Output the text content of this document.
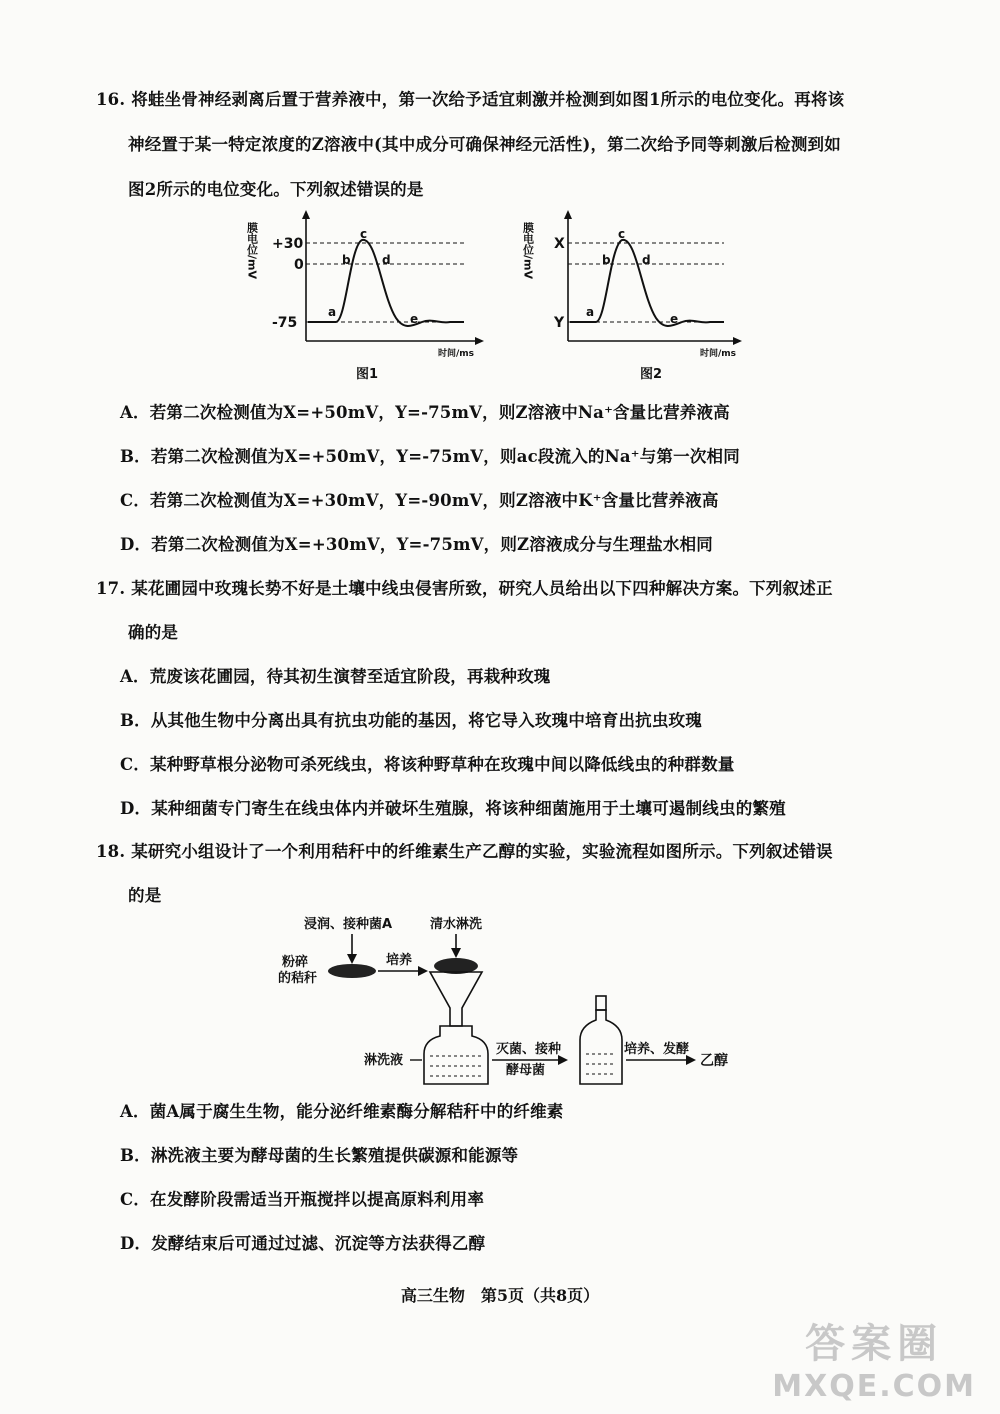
16. 将蛙坐骨神经剥离后置于营养液中，第一次给予适宜刺激并检测到如图1所示的电位变化。再将该
神经置于某一特定浓度的Z溶液中(其中成分可确保神经元活性)，第二次给予同等刺激后检测到如
图2所示的电位变化。下列叙述错误的是
膜电位/mV
时间/ms
+30
0
-75
a
b
c
d
e
图1
膜电位/mV
时间/ms
X
Y
a
b
c
d
e
图2
A．若第二次检测值为X=+50mV，Y=-75mV，则Z溶液中Na⁺含量比营养液高
B．若第二次检测值为X=+50mV，Y=-75mV，则ac段流入的Na⁺与第一次相同
C．若第二次检测值为X=+30mV，Y=-90mV，则Z溶液中K⁺含量比营养液高
D．若第二次检测值为X=+30mV，Y=-75mV，则Z溶液成分与生理盐水相同
17. 某花圃园中玫瑰长势不好是土壤中线虫侵害所致，研究人员给出以下四种解决方案。下列叙述正
确的是
A．荒废该花圃园，待其初生演替至适宜阶段，再栽种玫瑰
B．从其他生物中分离出具有抗虫功能的基因，将它导入玫瑰中培育出抗虫玫瑰
C．某种野草根分泌物可杀死线虫，将该种野草种在玫瑰中间以降低线虫的种群数量
D．某种细菌专门寄生在线虫体内并破坏生殖腺，将该种细菌施用于土壤可遏制线虫的繁殖
18. 某研究小组设计了一个利用秸秆中的纤维素生产乙醇的实验，实验流程如图所示。下列叙述错误
的是
浸润、接种菌A	清水淋洗
粉碎
的秸秆
培养
淋洗液
灭菌、接种
酵母菌
培养、发酵
乙醇
A．菌A属于腐生生物，能分泌纤维素酶分解秸秆中的纤维素
B．淋洗液主要为酵母菌的生长繁殖提供碳源和能源等
C．在发酵阶段需适当开瓶搅拌以提高原料利用率
D．发酵结束后可通过过滤、沉淀等方法获得乙醇
高三生物　第5页（共8页）
答案圈
MXQE.COM
